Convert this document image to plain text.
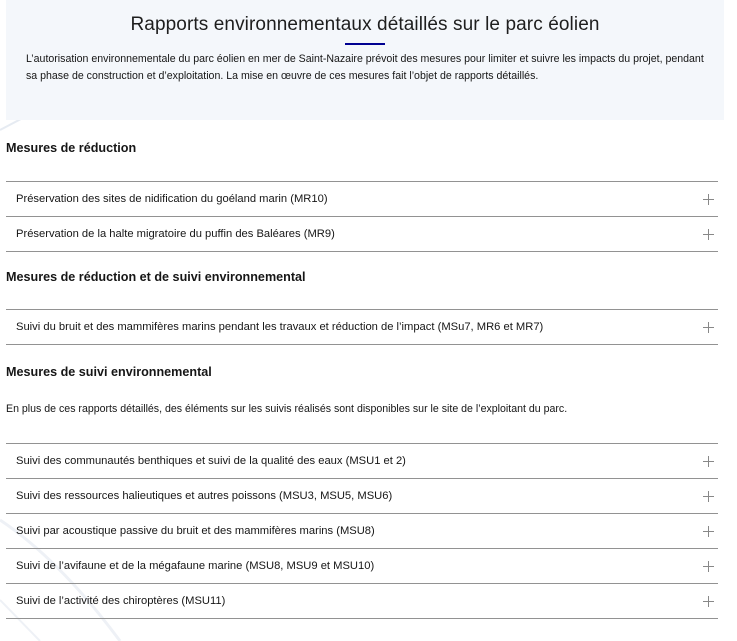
Rapports environnementaux détaillés sur le parc éolien

L’autorisation environnementale du parc éolien en mer de Saint-Nazaire prévoit des mesures pour limiter et suivre les impacts du projet, pendant sa phase de construction et d’exploitation. La mise en œuvre de ces mesures fait l’objet de rapports détaillés.

Mesures de réduction
Préservation des sites de nidification du goéland marin (MR10)
Préservation de la halte migratoire du puffin des Baléares (MR9)
Mesures de réduction et de suivi environnemental
Suivi du bruit et des mammifères marins pendant les travaux et réduction de l’impact (MSu7, MR6 et MR7)
Mesures de suivi environnemental

En plus de ces rapports détaillés, des éléments sur les suivis réalisés sont disponibles sur le site de l’exploitant du parc.

Suivi des communautés benthiques et suivi de la qualité des eaux (MSU1 et 2)
Suivi des ressources halieutiques et autres poissons (MSU3, MSU5, MSU6)
Suivi par acoustique passive du bruit et des mammifères marins (MSU8)
Suivi de l’avifaune et de la mégafaune marine (MSU8, MSU9 et MSU10)
Suivi de l’activité des chiroptères (MSU11)
